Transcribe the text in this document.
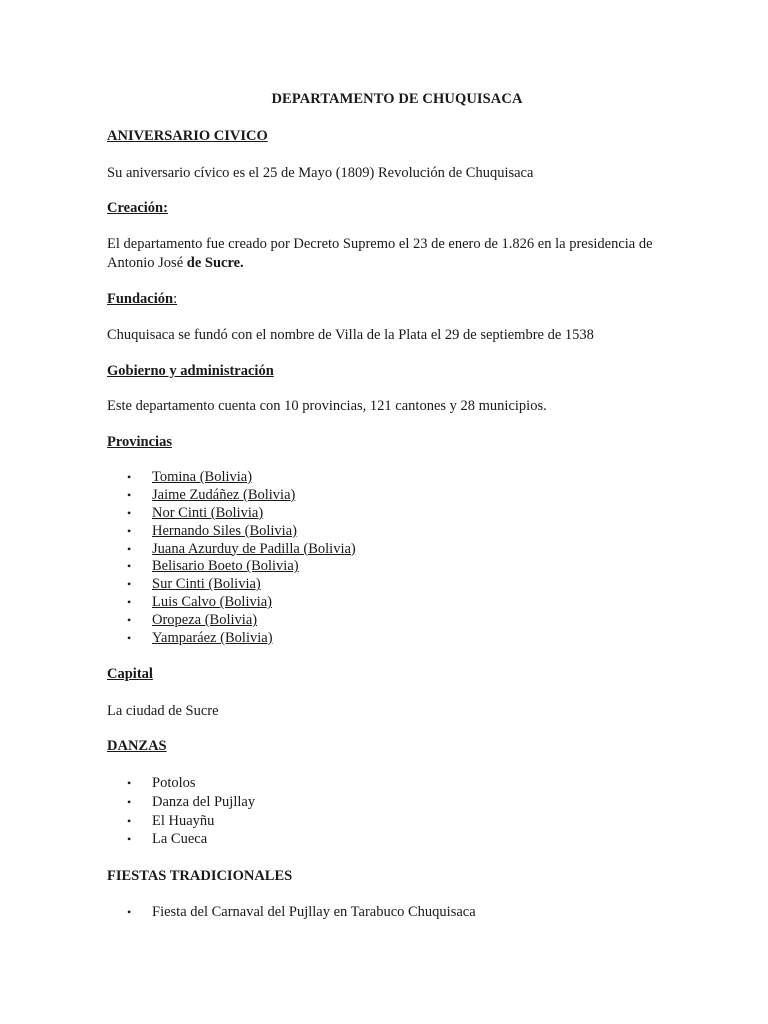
DEPARTAMENTO DE CHUQUISACA
ANIVERSARIO CIVICO
Su aniversario cívico es el 25 de Mayo (1809) Revolución de Chuquisaca
Creación:
El departamento fue creado por Decreto Supremo el 23 de enero de 1.826 en la presidencia de
Antonio José de Sucre.
Fundación:
Chuquisaca se fundó con el nombre de Villa de la Plata el 29 de septiembre de 1538
Gobierno y administración
Este departamento cuenta con 10 provincias, 121 cantones y 28 municipios.
Provincias
• Tomina (Bolivia)
• Jaime Zudáñez (Bolivia)
• Nor Cinti (Bolivia)
• Hernando Siles (Bolivia)
• Juana Azurduy de Padilla (Bolivia)
• Belisario Boeto (Bolivia)
• Sur Cinti (Bolivia)
• Luis Calvo (Bolivia)
• Oropeza (Bolivia)
• Yamparáez (Bolivia)
Capital
La ciudad de Sucre
DANZAS
• Potolos
• Danza del Pujllay
• El Huayñu
• La Cueca
FIESTAS TRADICIONALES
• Fiesta del Carnaval del Pujllay en Tarabuco Chuquisaca
